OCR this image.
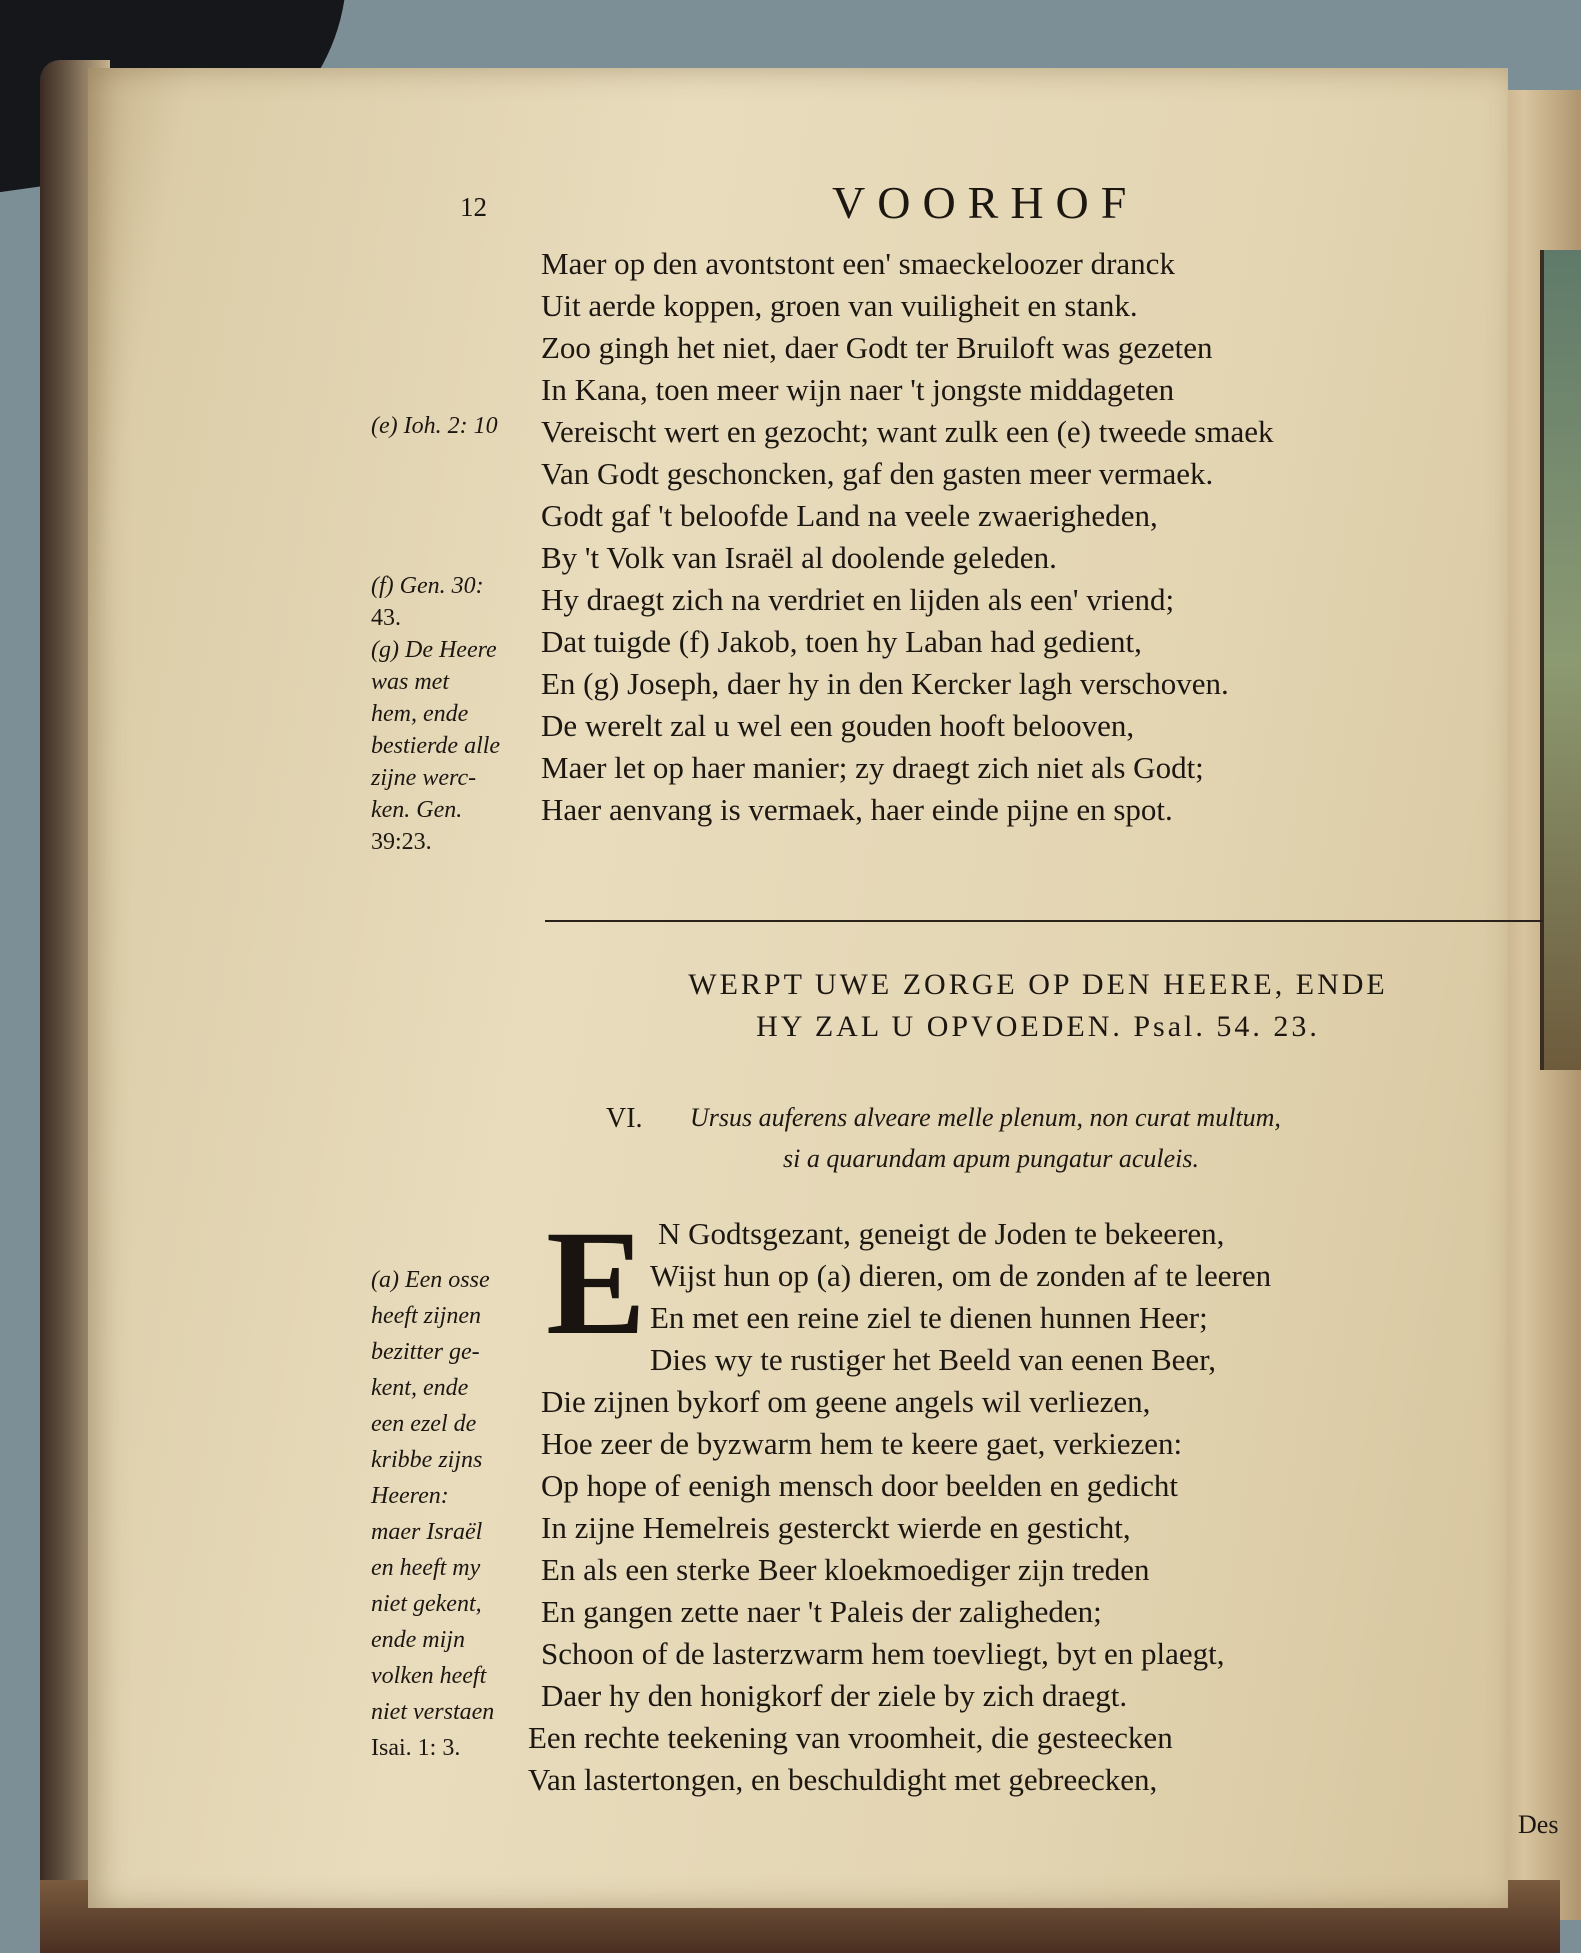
12	VOORHOF
Maer op den avontstont een' smaeckeloozer dranck
Uit aerde koppen, groen van vuiligheit en stank.
Zoo gingh het niet, daer Godt ter Bruiloft was gezeten
In Kana, toen meer wijn naer 't jongste middageten
Vereischt wert en gezocht; want zulk een (e) tweede smaek
Van Godt geschoncken, gaf den gasten meer vermaek.
Godt gaf 't beloofde Land na veele zwaerigheden,
By 't Volk van Israël al doolende geleden.
Hy draegt zich na verdriet en lijden als een' vriend;
Dat tuigde (f) Jakob, toen hy Laban had gedient,
En (g) Joseph, daer hy in den Kercker lagh verschoven.
De werelt zal u wel een gouden hooft belooven,
Maer let op haer manier; zy draegt zich niet als Godt;
Haer aenvang is vermaek, haer einde pijne en spot.
(e) Ioh. 2: 10
(f) Gen. 30:
43.
(g) De Heere
was met
hem, ende
bestierde alle
zijne werc-
ken. Gen.
39:23.
WERPT UWE ZORGE OP DEN HEERE, ENDE
HY ZAL U OPVOEDEN. Psal. 54. 23.
VI. Ursus auferens alveare melle plenum, non curat multum,
si a quarundam apum pungatur aculeis.
E N Godtsgezant, geneigt de Joden te bekeeren,
Wijst hun op (a) dieren, om de zonden af te leeren
En met een reine ziel te dienen hunnen Heer;
Dies wy te rustiger het Beeld van eenen Beer,
Die zijnen bykorf om geene angels wil verliezen,
Hoe zeer de byzwarm hem te keere gaet, verkiezen:
Op hope of eenigh mensch door beelden en gedicht
In zijne Hemelreis gesterckt wierde en gesticht,
En als een sterke Beer kloekmoediger zijn treden
En gangen zette naer 't Paleis der zaligheden;
Schoon of de lasterzwarm hem toevliegt, byt en plaegt,
Daer hy den honigkorf der ziele by zich draegt.
Een rechte teekening van vroomheit, die gesteecken
Van lastertongen, en beschuldight met gebreecken,
(a) Een osse
heeft zijnen
bezitter ge-
kent, ende
een ezel de
kribbe zijns
Heeren:
maer Israël
en heeft my
niet gekent,
ende mijn
volken heeft
niet verstaen
Isai. 1: 3.
Des
